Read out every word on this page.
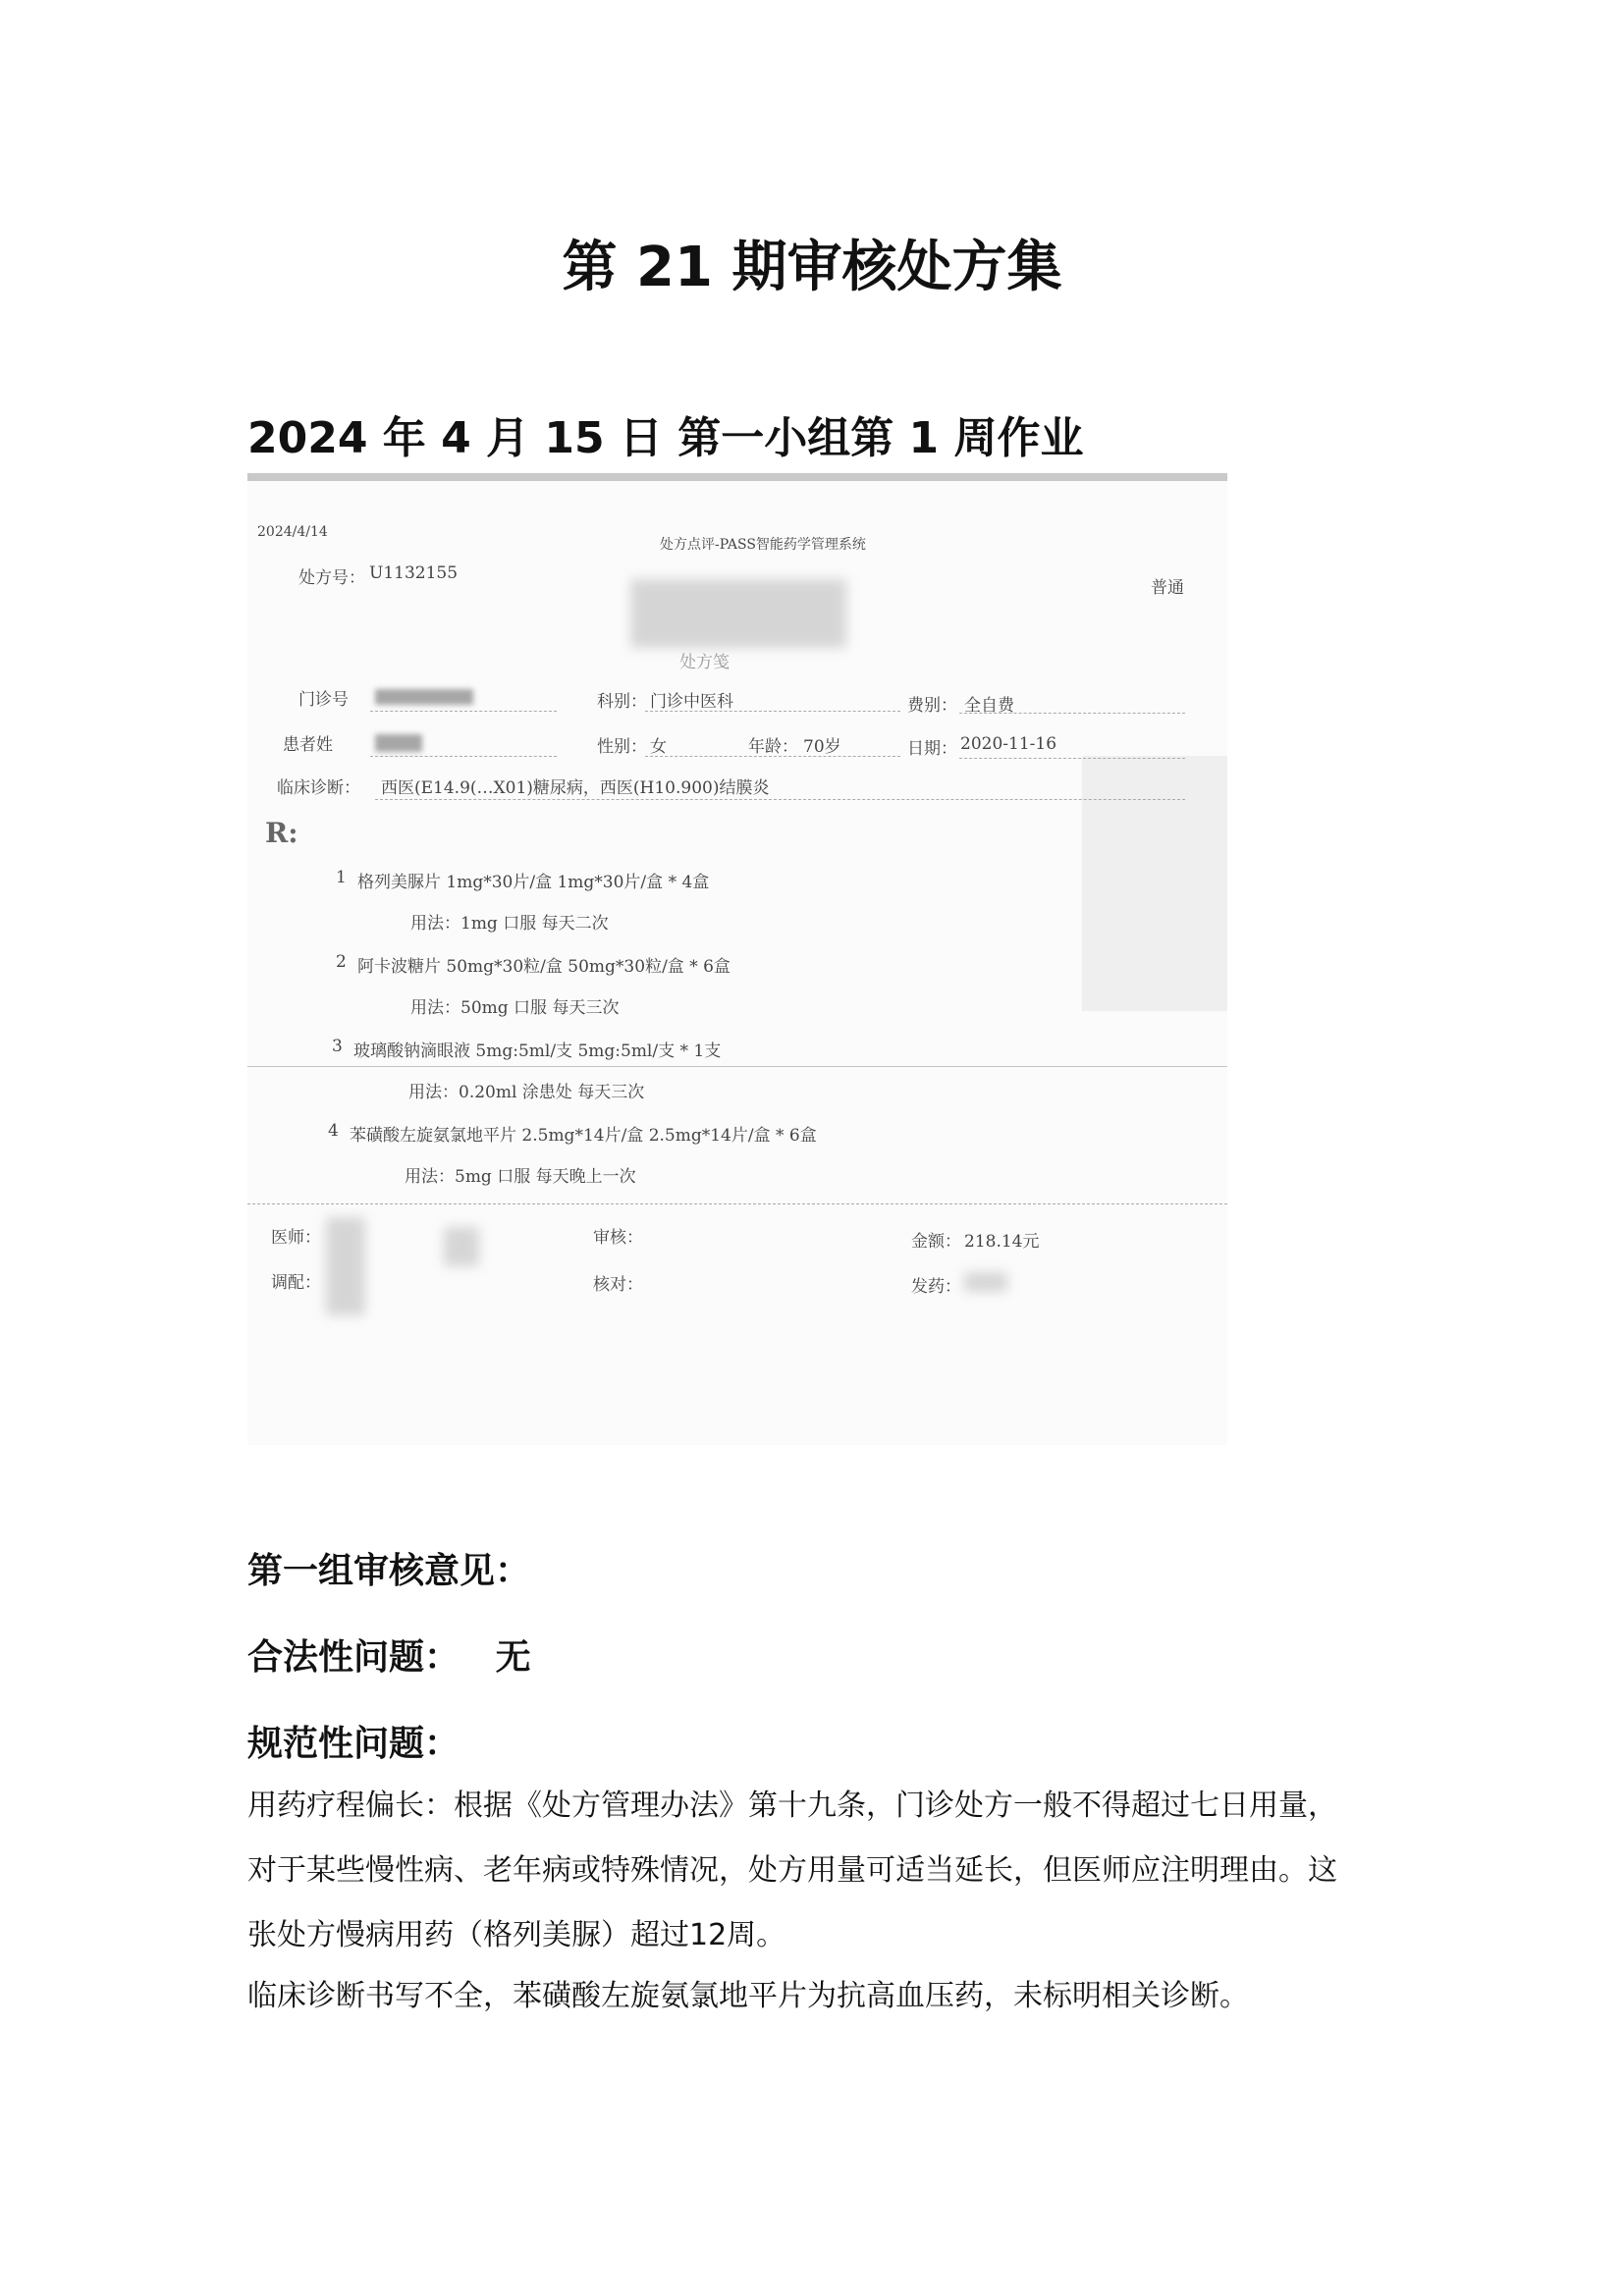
第 21 期审核处方集
2024 年 4 月 15 日 第一小组第 1 周作业
2024/4/14
处方点评-PASS智能药学管理系统
处方号： U1132155
普通
处方笺
门诊号	科别： 门诊中医科	费别： 全自费
患者姓	性别： 女	年龄： 70岁	日期： 2020-11-16
临床诊断： 西医(E14.9(…X01)糖尿病，西医(H10.900)结膜炎
R:
1 格列美脲片 1mg*30片/盒 1mg*30片/盒 * 4盒
用法：1mg 口服 每天二次
2 阿卡波糖片 50mg*30粒/盒 50mg*30粒/盒 * 6盒
用法：50mg 口服 每天三次
3 玻璃酸钠滴眼液 5mg:5ml/支 5mg:5ml/支 * 1支
用法：0.20ml 涂患处 每天三次
4 苯磺酸左旋氨氯地平片 2.5mg*14片/盒 2.5mg*14片/盒 * 6盒
用法：5mg 口服 每天晚上一次
医师：	审核：	金额： 218.14元
调配：	核对：	发药：
第一组审核意见：
合法性问题： 无
规范性问题：

用药疗程偏长：根据《处方管理办法》第十九条，门诊处方一般不得超过七日用量，

对于某些慢性病、老年病或特殊情况，处方用量可适当延长，但医师应注明理由。这

张处方慢病用药（格列美脲）超过12周。

临床诊断书写不全，苯磺酸左旋氨氯地平片为抗高血压药，未标明相关诊断。
